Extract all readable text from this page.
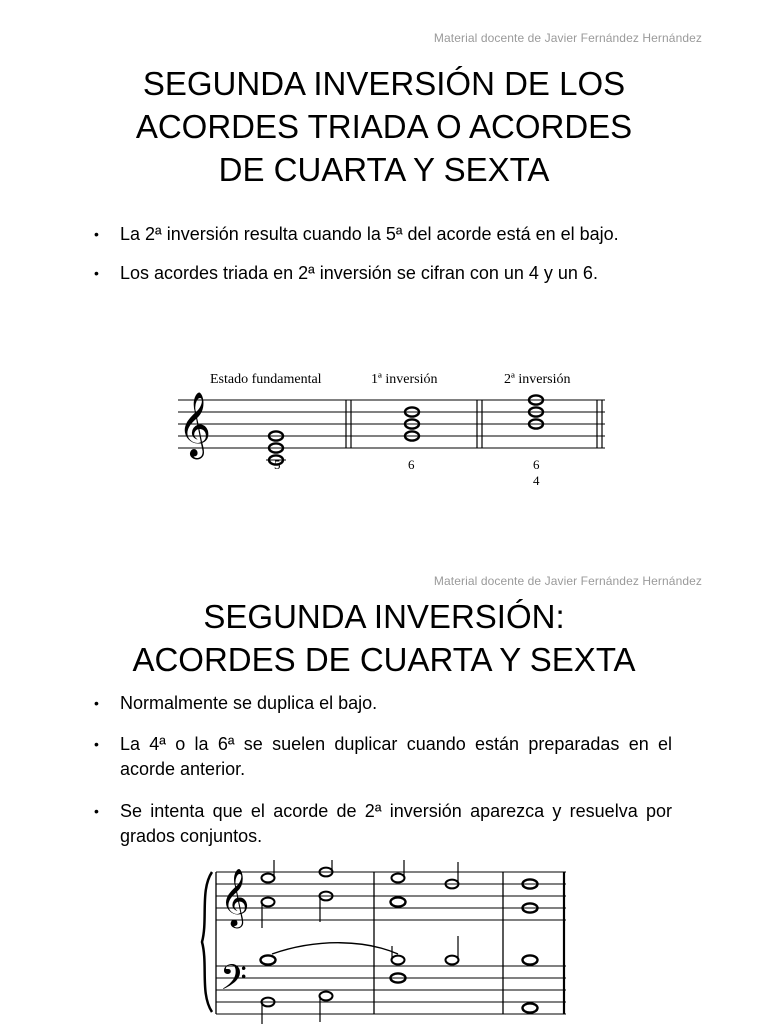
Material docente de Javier Fernández Hernández
SEGUNDA INVERSIÓN DE LOS
ACORDES TRIADA O ACORDES
DE CUARTA Y SEXTA
• La 2ª inversión resulta cuando la 5ª del acorde está en el bajo.
• Los acordes triada en 2ª inversión se cifran con un 4 y un 6.
Estado fundamental	1ª inversión	2ª inversión
𝄞
5	6	6
4
Material docente de Javier Fernández Hernández
SEGUNDA INVERSIÓN:
ACORDES DE CUARTA Y SEXTA
• Normalmente se duplica el bajo.
• La 4ª o la 6ª se suelen duplicar cuando están preparadas en el acorde anterior.
• Se intenta que el acorde de 2ª inversión aparezca y resuelva por grados conjuntos.
𝄞
𝄢
